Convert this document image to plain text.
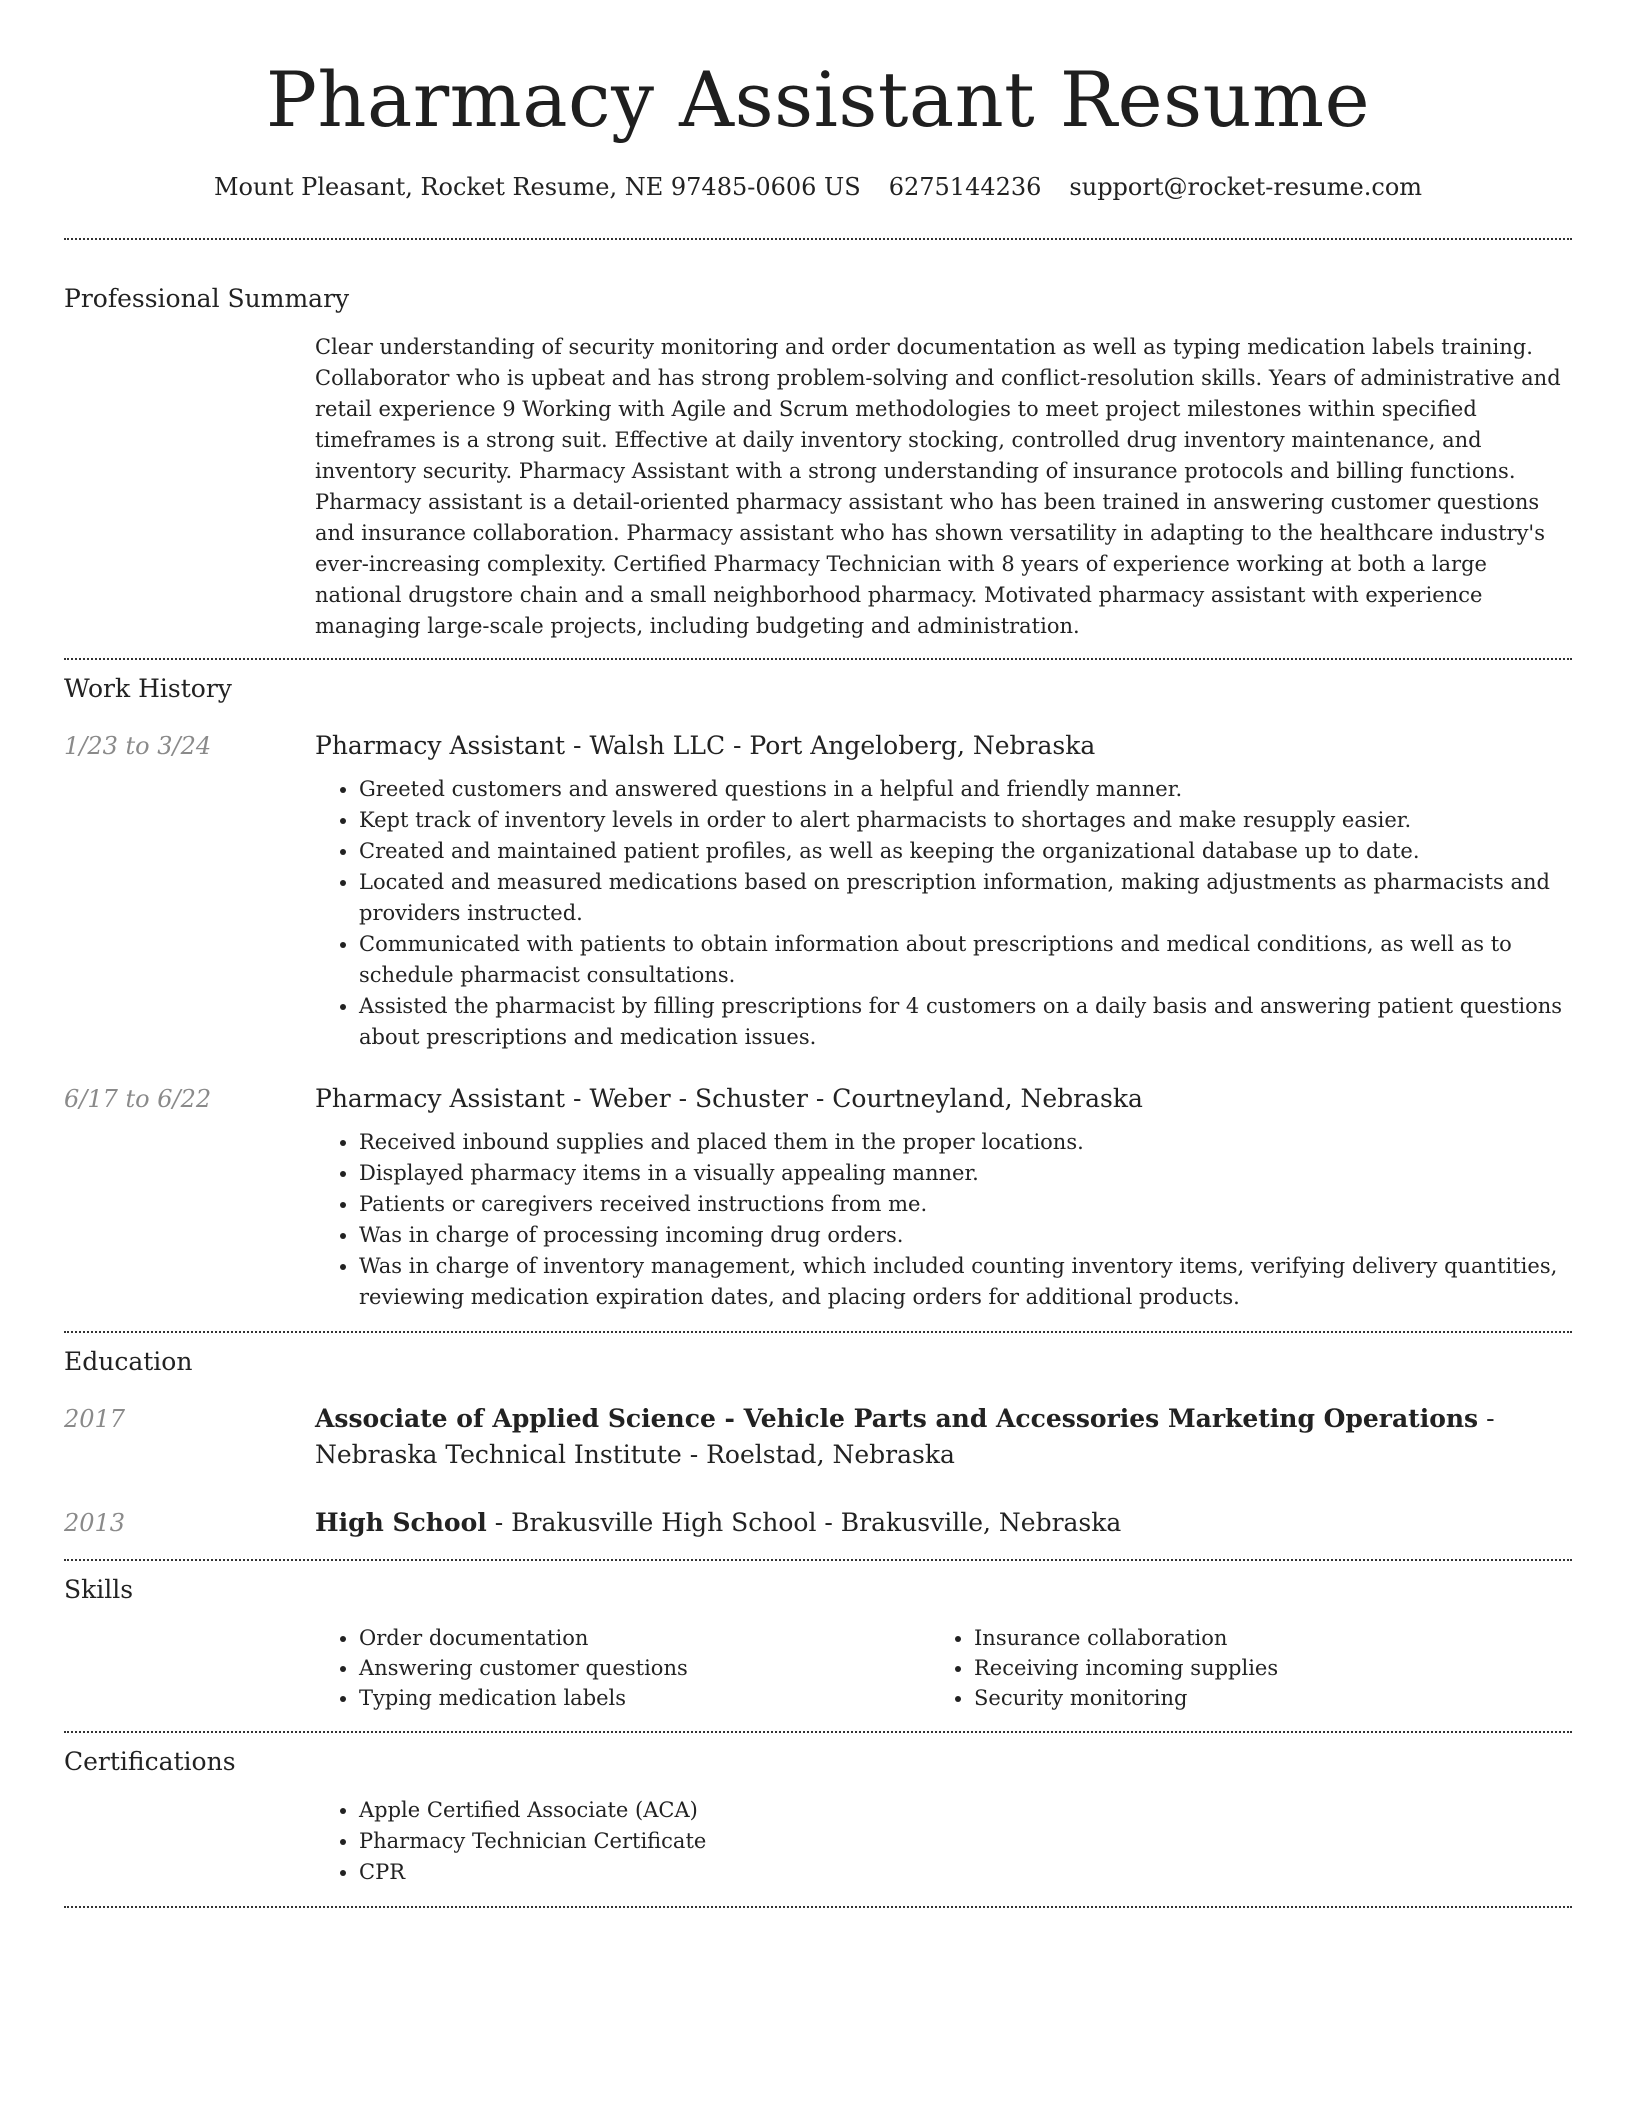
Pharmacy Assistant Resume
Mount Pleasant, Rocket Resume, NE 97485-0606 US 6275144236 support@rocket-resume.com
Professional Summary
Clear understanding of security monitoring and order documentation as well as typing medication labels training. Collaborator who is upbeat and has strong problem-solving and conflict-resolution skills. Years of administrative and retail experience 9 Working with Agile and Scrum methodologies to meet project milestones within specified timeframes is a strong suit. Effective at daily inventory stocking, controlled drug inventory maintenance, and inventory security. Pharmacy Assistant with a strong understanding of insurance protocols and billing functions. Pharmacy assistant is a detail-oriented pharmacy assistant who has been trained in answering customer questions and insurance collaboration. Pharmacy assistant who has shown versatility in adapting to the healthcare industry's ever-increasing complexity. Certified Pharmacy Technician with 8 years of experience working at both a large national drugstore chain and a small neighborhood pharmacy. Motivated pharmacy assistant with experience managing large-scale projects, including budgeting and administration.
Work History
1/23 to 3/24	Pharmacy Assistant - Walsh LLC - Port Angeloberg, Nebraska
• Greeted customers and answered questions in a helpful and friendly manner.
• Kept track of inventory levels in order to alert pharmacists to shortages and make resupply easier.
• Created and maintained patient profiles, as well as keeping the organizational database up to date.
• Located and measured medications based on prescription information, making adjustments as pharmacists and providers instructed.
• Communicated with patients to obtain information about prescriptions and medical conditions, as well as to schedule pharmacist consultations.
• Assisted the pharmacist by filling prescriptions for 4 customers on a daily basis and answering patient questions about prescriptions and medication issues.
6/17 to 6/22	Pharmacy Assistant - Weber - Schuster - Courtneyland, Nebraska
• Received inbound supplies and placed them in the proper locations.
• Displayed pharmacy items in a visually appealing manner.
• Patients or caregivers received instructions from me.
• Was in charge of processing incoming drug orders.
• Was in charge of inventory management, which included counting inventory items, verifying delivery quantities, reviewing medication expiration dates, and placing orders for additional products.
Education
2017	Associate of Applied Science - Vehicle Parts and Accessories Marketing Operations - Nebraska Technical Institute - Roelstad, Nebraska
2013	High School - Brakusville High School - Brakusville, Nebraska
Skills
• Order documentation
• Answering customer questions
• Typing medication labels
• Insurance collaboration
• Receiving incoming supplies
• Security monitoring
Certifications
• Apple Certified Associate (ACA)
• Pharmacy Technician Certificate
• CPR
